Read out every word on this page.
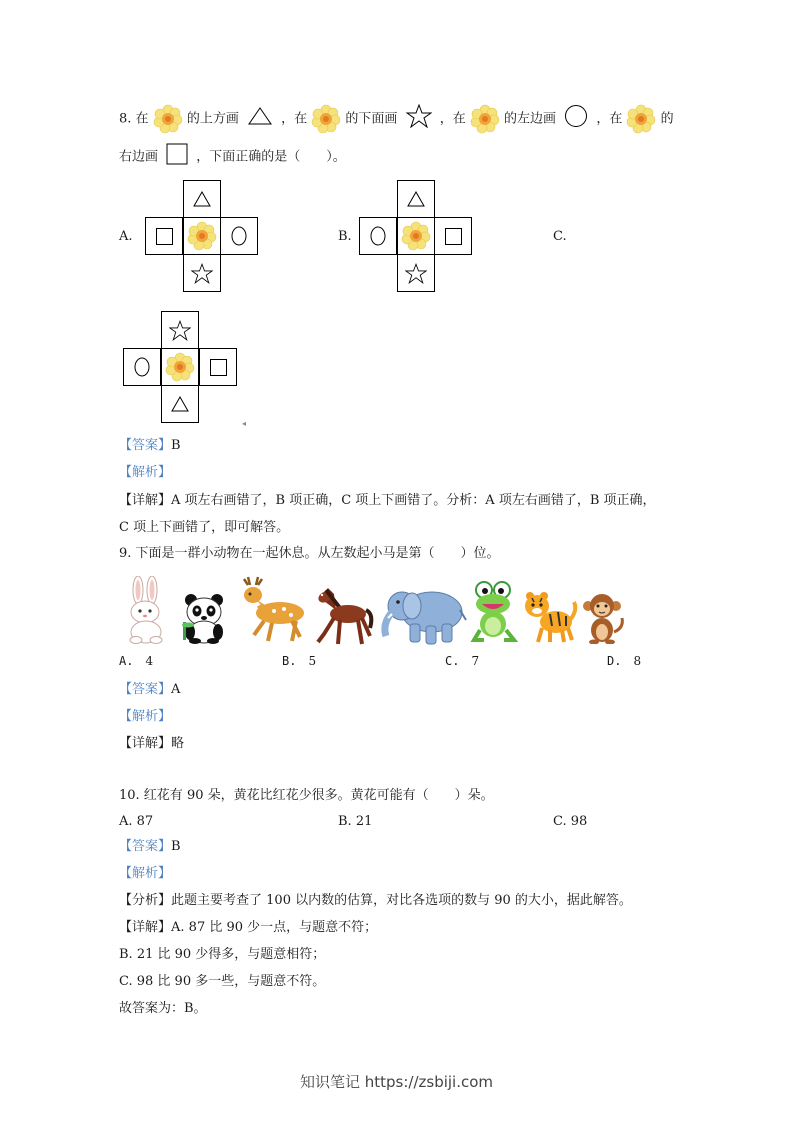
8. 在	的上方画	，在	的下面画	，在	的左边画	，在	的
右边画	，下面正确的是（　　）。
A.	B.	C.
◂
【答案】B
【解析】
【详解】A 项左右画错了，B 项正确，C 项上下画错了。分析：A 项左右画错了，B 项正确，
C 项上下画错了，即可解答。
9. 下面是一群小动物在一起休息。从左数起小马是第（　　）位。
A. 4	B. 5	C. 7	D. 8
【答案】A
【解析】
【详解】略
10. 红花有 90 朵，黄花比红花少很多。黄花可能有（　　）朵。
A. 87	B. 21	C. 98
【答案】B
【解析】
【分析】此题主要考查了 100 以内数的估算，对比各选项的数与 90 的大小，据此解答。
【详解】A. 87 比 90 少一点，与题意不符；
B. 21 比 90 少得多，与题意相符；
C. 98 比 90 多一些，与题意不符。
故答案为：B。
知识笔记 https://zsbiji.com
